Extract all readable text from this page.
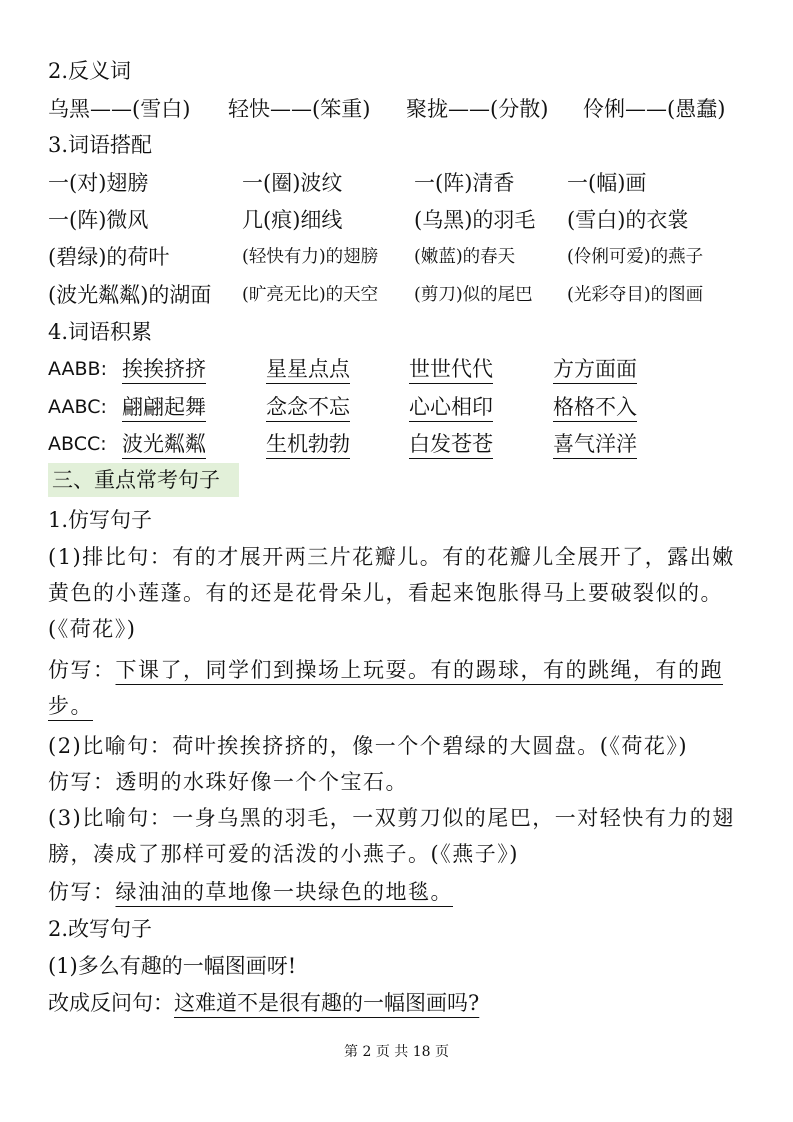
2.反义词
乌黑——(雪白) 轻快——(笨重) 聚拢——(分散) 伶俐——(愚蠢)
3.词语搭配
一(对)翅膀	一(圈)波纹	一(阵)清香	一(幅)画
一(阵)微风	几(痕)细线	(乌黑)的羽毛 (雪白)的衣裳
(碧绿)的荷叶	(轻快有力)的翅膀 (嫩蓝)的春天	(伶俐可爱)的燕子
(波光粼粼)的湖面 (旷亮无比)的天空 (剪刀)似的尾巴 (光彩夺目)的图画
4.词语积累
AABB: 挨挨挤挤	星星点点	世世代代	方方面面
AABC: 翩翩起舞	念念不忘	心心相印	格格不入
ABCC: 波光粼粼	生机勃勃	白发苍苍	喜气洋洋
三、重点常考句子
1.仿写句子
(1)排比句：有的才展开两三片花瓣儿。有的花瓣儿全展开了，露出嫩黄色的小莲蓬。有的还是花骨朵儿，看起来饱胀得马上要破裂似的。(《荷花》)
仿写：下课了，同学们到操场上玩耍。有的踢球，有的跳绳，有的跑步。
(2)比喻句：荷叶挨挨挤挤的，像一个个碧绿的大圆盘。(《荷花》)
仿写：透明的水珠好像一个个宝石。
(3)比喻句：一身乌黑的羽毛，一双剪刀似的尾巴，一对轻快有力的翅膀，凑成了那样可爱的活泼的小燕子。(《燕子》)
仿写：绿油油的草地像一块绿色的地毯。
2.改写句子
(1)多么有趣的一幅图画呀!
改成反问句：这难道不是很有趣的一幅图画吗?
第 2 页 共 18 页
